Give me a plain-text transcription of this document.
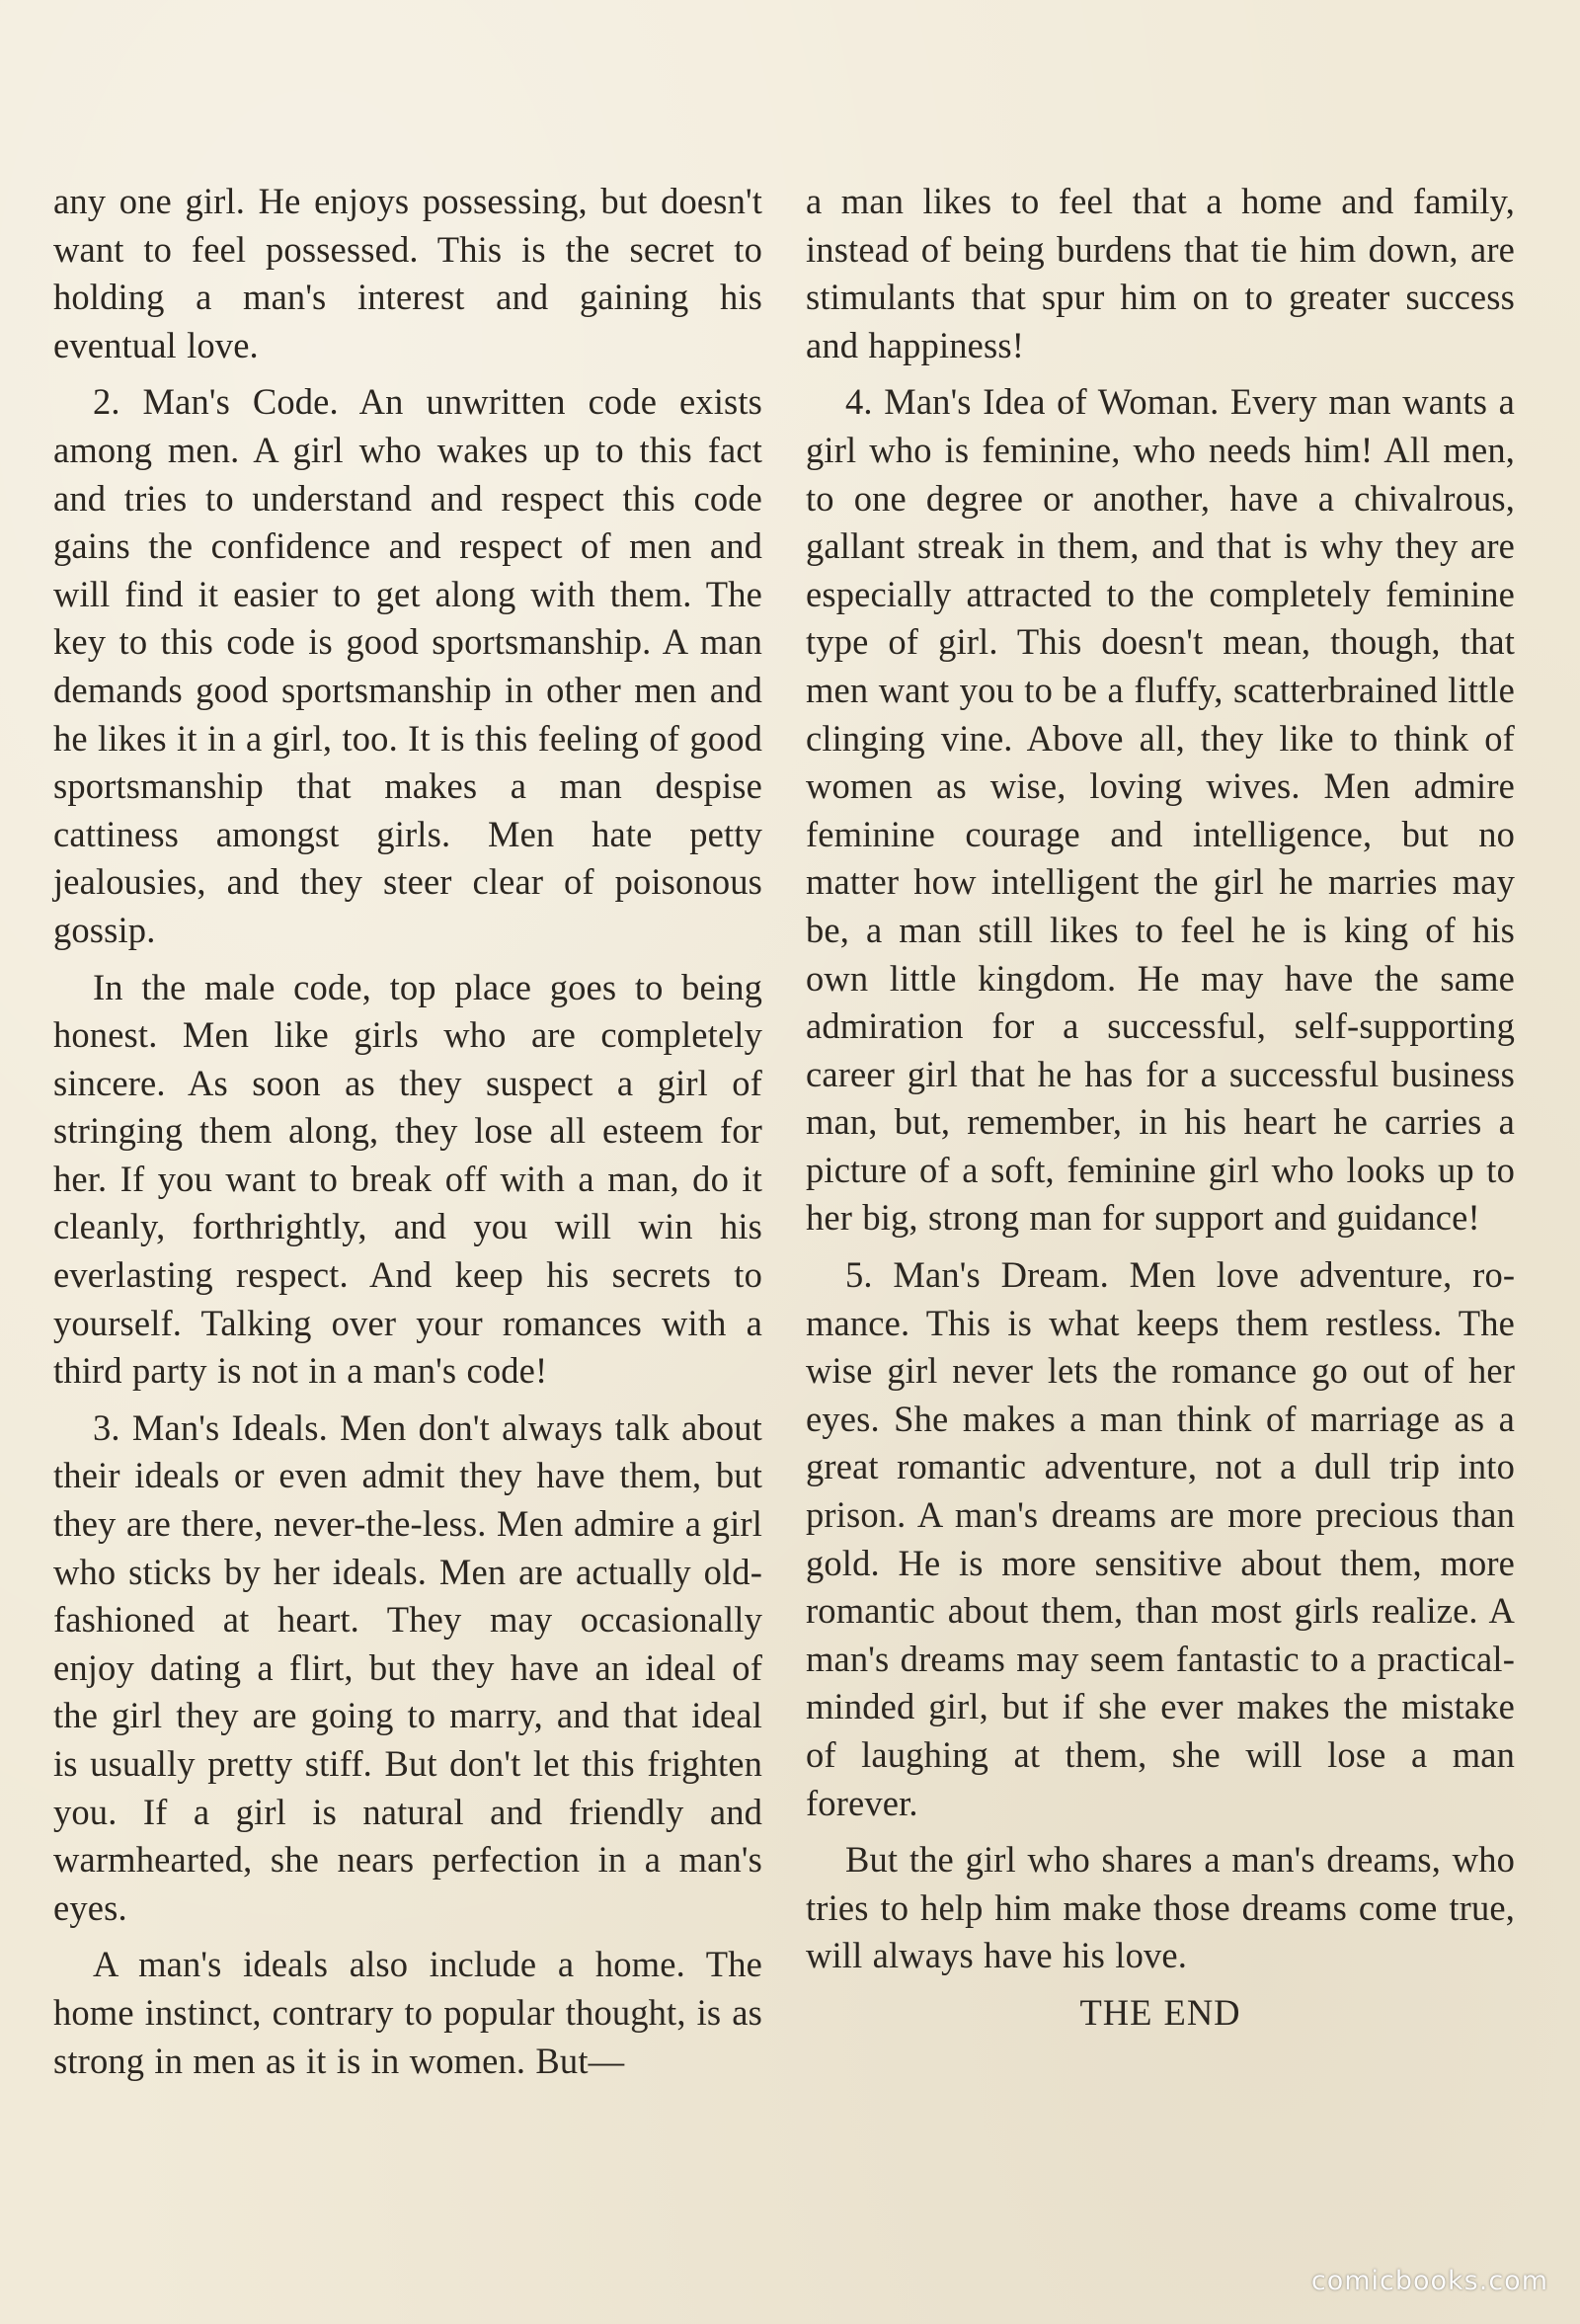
any one girl. He enjoys possessing, but doesn't want to feel possessed. This is the secret to holding a man's interest and gaining his eventual love.

2. Man's Code. An unwritten code exists among men. A girl who wakes up to this fact and tries to understand and respect this code gains the confidence and respect of men and will find it easier to get along with them. The key to this code is good sportsmanship. A man demands good sportsmanship in other men and he likes it in a girl, too. It is this feeling of good sportsmanship that makes a man despise cattiness amongst girls. Men hate petty jealousies, and they steer clear of poisonous gossip.

In the male code, top place goes to being honest. Men like girls who are completely sincere. As soon as they suspect a girl of stringing them along, they lose all esteem for her. If you want to break off with a man, do it cleanly, forthrightly, and you will win his everlasting respect. And keep his secrets to yourself. Talking over your romances with a third party is not in a man's code!

3. Man's Ideals. Men don't always talk about their ideals or even admit they have them, but they are there, never-the-less. Men admire a girl who sticks by her ideals. Men are actually old-fashioned at heart. They may occasionally enjoy dating a flirt, but they have an ideal of the girl they are going to marry, and that ideal is usually pretty stiff. But don't let this frighten you. If a girl is natural and friendly and warmhearted, she nears perfection in a man's eyes.

A man's ideals also include a home. The home instinct, contrary to popular thought, is as strong in men as it is in women. But—

a man likes to feel that a home and family, instead of being burdens that tie him down, are stimulants that spur him on to greater success and happiness!

4. Man's Idea of Woman. Every man wants a girl who is feminine, who needs him! All men, to one degree or another, have a chivalrous, gallant streak in them, and that is why they are especially attracted to the completely feminine type of girl. This doesn't mean, though, that men want you to be a fluffy, scatterbrained little clinging vine. Above all, they like to think of women as wise, loving wives. Men admire feminine courage and intelligence, but no matter how intelligent the girl he marries may be, a man still likes to feel he is king of his own little kingdom. He may have the same admiration for a successful, self-supporting career girl that he has for a successful business man, but, remember, in his heart he carries a picture of a soft, feminine girl who looks up to her big, strong man for support and guidance!

5. Man's Dream. Men love adventure, romance. This is what keeps them restless. The wise girl never lets the romance go out of her eyes. She makes a man think of marriage as a great romantic adventure, not a dull trip into prison. A man's dreams are more precious than gold. He is more sensitive about them, more romantic about them, than most girls realize. A man's dreams may seem fantastic to a practical-minded girl, but if she ever makes the mistake of laughing at them, she will lose a man forever.

But the girl who shares a man's dreams, who tries to help him make those dreams come true, will always have his love.

THE END

comicbooks.com
